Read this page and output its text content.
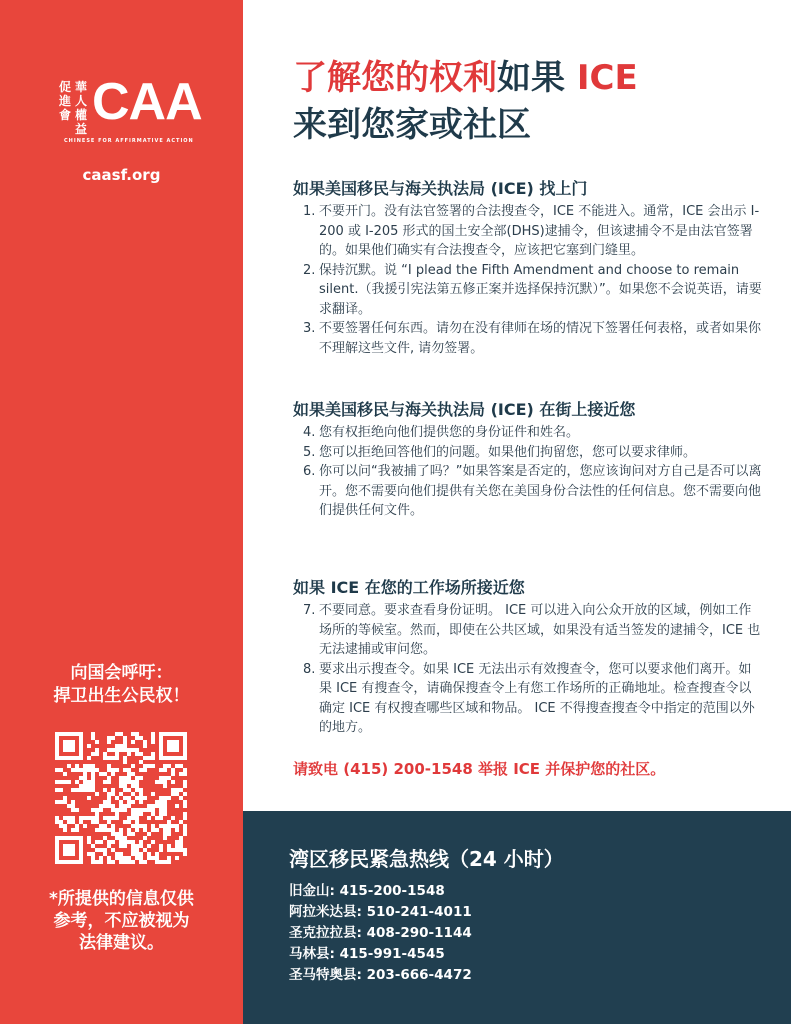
促進會
華人權益 CAA
CHINESE FOR AFFIRMATIVE ACTION
caasf.org
向国会呼吁：
捍卫出生公民权！
*所提供的信息仅供
参考，不应被视为
法律建议。
了解您的权利如果 ICE
来到您家或社区
如果美国移民与海关执法局 (ICE) 找上门
1. 不要开门。没有法官签署的合法搜查令，ICE 不能进入。通常，ICE 会出示 I-200 或 I-205 形式的国土安全部(DHS)逮捕令，但该逮捕令不是由法官签署的。如果他们确实有合法搜查令，应该把它塞到门缝里。
2. 保持沉默。说 “I plead the Fifth Amendment and choose to remain silent.（我援引宪法第五修正案并选择保持沉默）”。如果您不会说英语，请要求翻译。
3. 不要签署任何东西。请勿在没有律师在场的情况下签署任何表格，或者如果你不理解这些文件, 请勿签署。
如果美国移民与海关执法局 (ICE) 在街上接近您
4. 您有权拒绝向他们提供您的身份证件和姓名。
5. 您可以拒绝回答他们的问题。如果他们拘留您，您可以要求律师。
6. 你可以问“我被捕了吗？”如果答案是否定的，您应该询问对方自己是否可以离开。您不需要向他们提供有关您在美国身份合法性的任何信息。您不需要向他们提供任何文件。
如果 ICE 在您的工作场所接近您
7. 不要同意。要求查看身份证明。 ICE 可以进入向公众开放的区域，例如工作场所的等候室。然而，即使在公共区域，如果没有适当签发的逮捕令，ICE 也无法逮捕或审问您。
8. 要求出示搜查令。如果 ICE 无法出示有效搜查令，您可以要求他们离开。如果 ICE 有搜查令，请确保搜查令上有您工作场所的正确地址。检查搜查令以确定 ICE 有权搜查哪些区域和物品。 ICE 不得搜查搜查令中指定的范围以外的地方。
请致电 (415) 200-1548 举报 ICE 并保护您的社区。
湾区移民紧急热线（24 小时）
旧金山: 415-200-1548
阿拉米达县: 510-241-4011
圣克拉拉县: 408-290-1144
马林县: 415-991-4545
圣马特奥县: 203-666-4472
